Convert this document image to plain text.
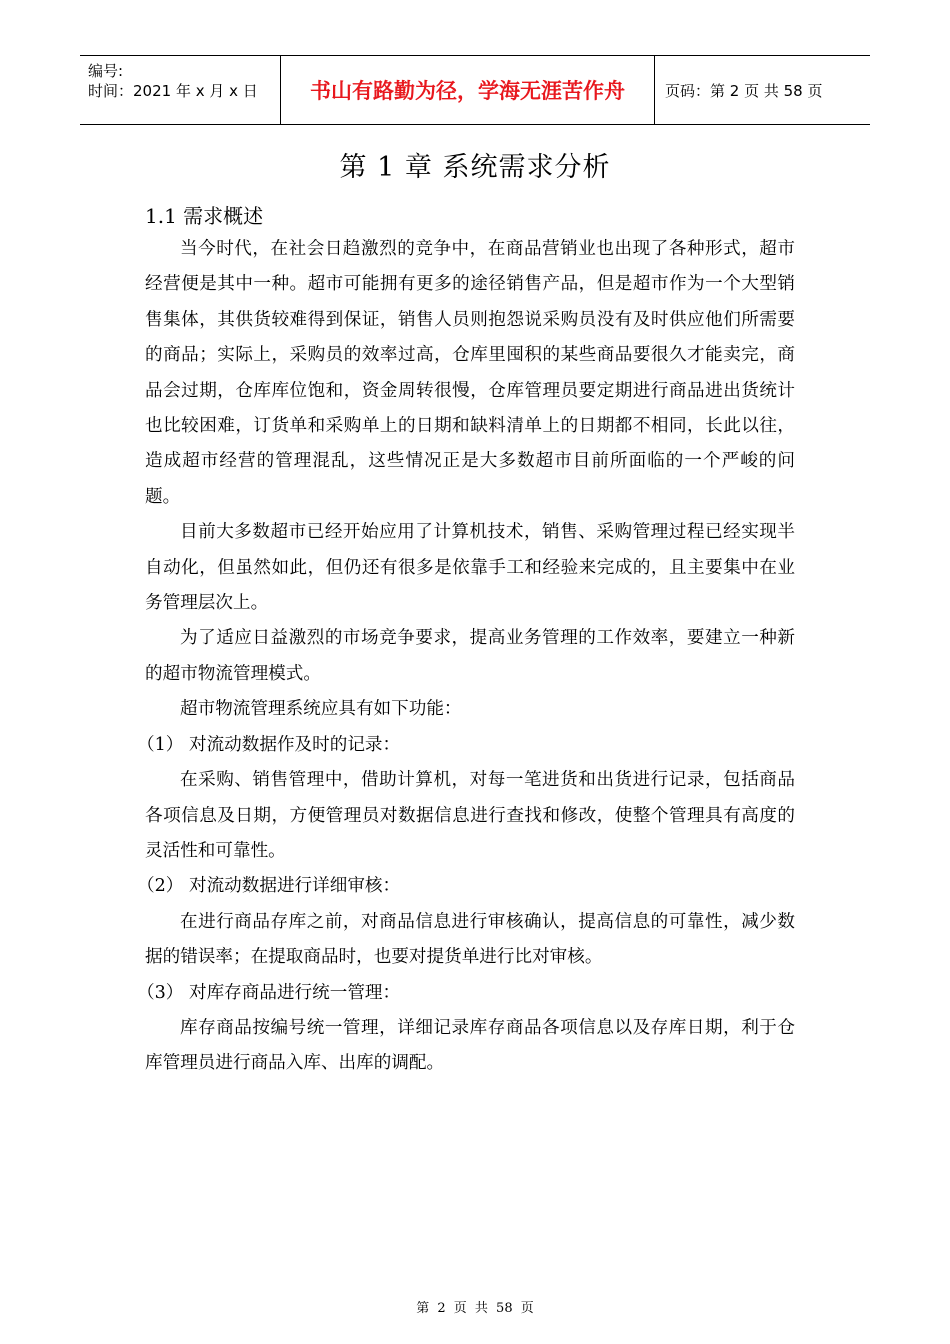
编号:
时间：2021 年 x 月 x 日	书山有路勤为径，学海无涯苦作舟	页码：第 2 页 共 58 页
第 1 章 系统需求分析
1.1 需求概述

当今时代，在社会日趋激烈的竞争中，在商品营销业也出现了各种形式，超市经营便是其中一种。超市可能拥有更多的途径销售产品，但是超市作为一个大型销售集体，其供货较难得到保证，销售人员则抱怨说采购员没有及时供应他们所需要的商品；实际上，采购员的效率过高，仓库里囤积的某些商品要很久才能卖完，商品会过期，仓库库位饱和，资金周转很慢，仓库管理员要定期进行商品进出货统计也比较困难，订货单和采购单上的日期和缺料清单上的日期都不相同，长此以往，造成超市经营的管理混乱，这些情况正是大多数超市目前所面临的一个严峻的问题。

目前大多数超市已经开始应用了计算机技术，销售、采购管理过程已经实现半自动化，但虽然如此，但仍还有很多是依靠手工和经验来完成的，且主要集中在业务管理层次上。

为了适应日益激烈的市场竞争要求，提高业务管理的工作效率，要建立一种新的超市物流管理模式。

超市物流管理系统应具有如下功能：

（1） 对流动数据作及时的记录：

在采购、销售管理中，借助计算机，对每一笔进货和出货进行记录，包括商品各项信息及日期，方便管理员对数据信息进行查找和修改，使整个管理具有高度的灵活性和可靠性。

（2） 对流动数据进行详细审核：

在进行商品存库之前，对商品信息进行审核确认，提高信息的可靠性，减少数据的错误率；在提取商品时，也要对提货单进行比对审核。

（3） 对库存商品进行统一管理：

库存商品按编号统一管理，详细记录库存商品各项信息以及存库日期，利于仓库管理员进行商品入库、出库的调配。

第 2 页 共 58 页
